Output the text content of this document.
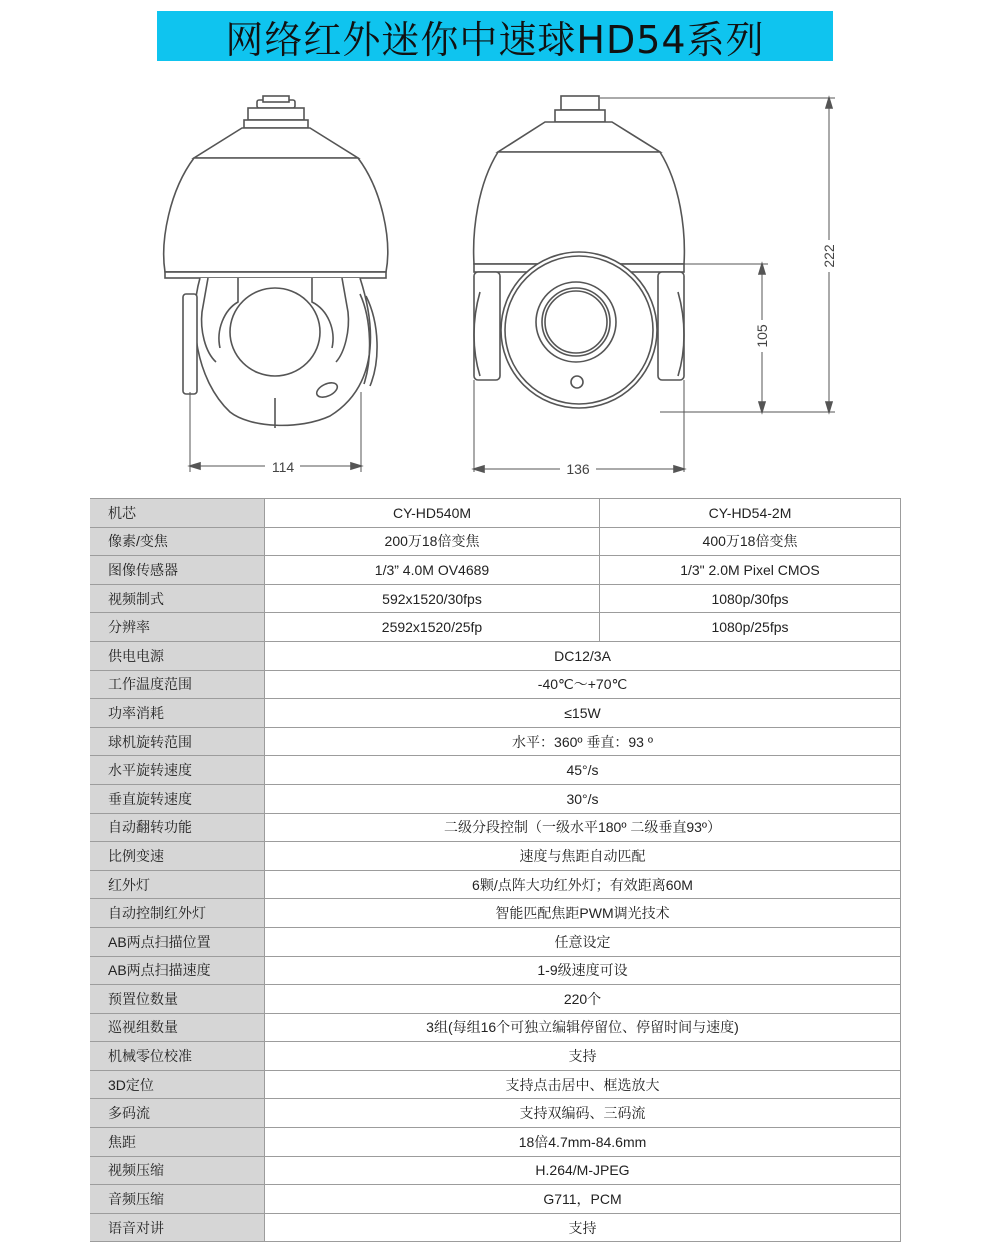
网络红外迷你中速球HD54系列
114	136
222
105
机芯	CY-HD540M	CY-HD54-2M
像素/变焦	200万18倍变焦	400万18倍变焦
图像传感器	1/3” 4.0M OV4689	1/3" 2.0M Pixel CMOS
视频制式	592x1520/30fps	1080p/30fps
分辨率	2592x1520/25fp	1080p/25fps
供电电源	DC12/3A	
工作温度范围	-40℃～+70℃	
功率消耗	≤15W	
球机旋转范围	水平：360º 垂直：93 º	
水平旋转速度	45°/s	
垂直旋转速度	30°/s	
自动翻转功能	二级分段控制（一级水平180º 二级垂直93º）	
比例变速	速度与焦距自动匹配	
红外灯	6颗/点阵大功红外灯；有效距离60M	
自动控制红外灯	智能匹配焦距PWM调光技术	
AB两点扫描位置	任意设定	
AB两点扫描速度	1-9级速度可设	
预置位数量	220个	
巡视组数量	3组(每组16个可独立编辑停留位、停留时间与速度)	
机械零位校准	支持	
3D定位	支持点击居中、框选放大	
多码流	支持双编码、三码流	
焦距	18倍4.7mm-84.6mm	
视频压缩	H.264/M-JPEG	
音频压缩	G711，PCM	
语音对讲	支持	
